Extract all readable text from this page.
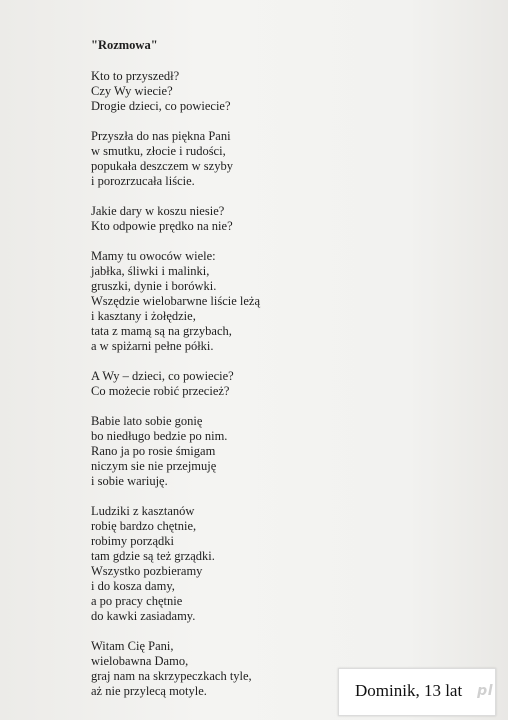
"Rozmowa"
Kto to przyszedł?
Czy Wy wiecie?
Drogie dzieci, co powiecie?
Przyszła do nas piękna Pani
w smutku, złocie i rudości,
popukała deszczem w szyby
i porozrzucała liście.
Jakie dary w koszu niesie?
Kto odpowie prędko na nie?
Mamy tu owoców wiele:
jabłka, śliwki i malinki,
gruszki, dynie i borówki.
Wszędzie wielobarwne liście leżą
i kasztany i żołędzie,
tata z mamą są na grzybach,
a w spiżarni pełne półki.
A Wy – dzieci, co powiecie?
Co możecie robić przecież?
Babie lato sobie gonię
bo niedługo bedzie po nim.
Rano ja po rosie śmigam
niczym sie nie przejmuję
i sobie wariuję.
Ludziki z kasztanów
robię bardzo chętnie,
robimy porządki
tam gdzie są też grządki.
Wszystko pozbieramy
i do kosza damy,
a po pracy chętnie
do kawki zasiadamy.
Witam Cię Pani,
wielobawna Damo,
graj nam na skrzypeczkach tyle,
aż nie przylecą motyle.	Dominik, 13 lat pl
